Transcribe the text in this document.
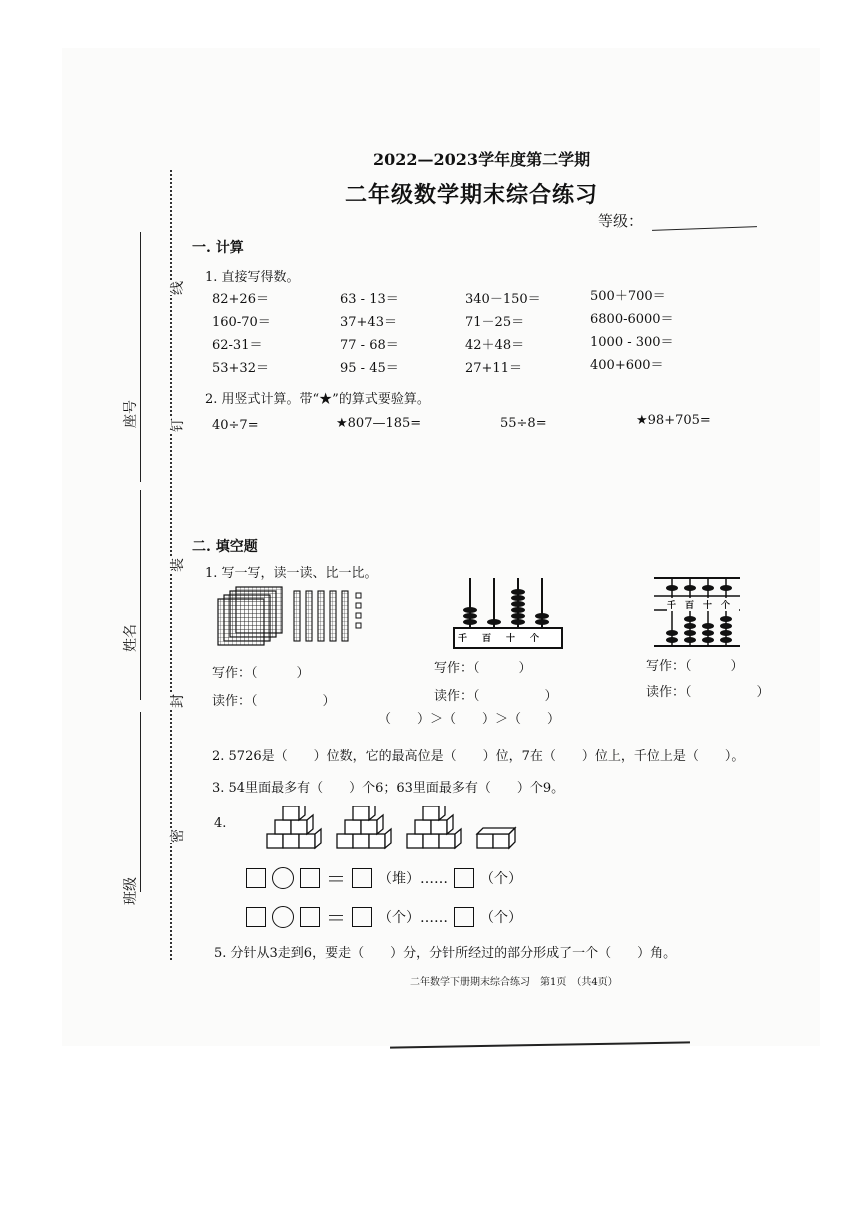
座号
姓名
班级
线
钉
装
封
密
2022—2023学年度第二学期
二年级数学期末综合练习
等级：
一. 计算
1. 直接写得数。
82+26＝	63 - 13＝	340－150＝	500＋700＝
160-70＝	37+43＝	71－25＝	6800-6000＝
62-31＝	77 - 68＝	42＋48＝	1000 - 300＝
53+32＝	95 - 45＝	27+11＝	400+600＝
2. 用竖式计算。带“★”的算式要验算。
40÷7=	★807—185=	55÷8=	★98+705=
二. 填空题
1. 写一写，读一读、比一比。
千百十个
千百十个
写作：（　　　）
读作：（　　　　　）
写作：（　　　）
读作：（　　　　　）
写作：（　　　）
读作：（　　　　　）
（　　）＞（　　）＞（　　）
2. 5726是（　　）位数，它的最高位是（　　）位，7在（　　）位上，千位上是（　　）。
3. 54里面最多有（　　）个6；63里面最多有（　　）个9。
4.
＝ （堆）…… （个）
＝ （个）…… （个）
5. 分针从3走到6，要走（　　）分，分针所经过的部分形成了一个（　　）角。
二年数学下册期末综合练习　第1页　（共4页）
